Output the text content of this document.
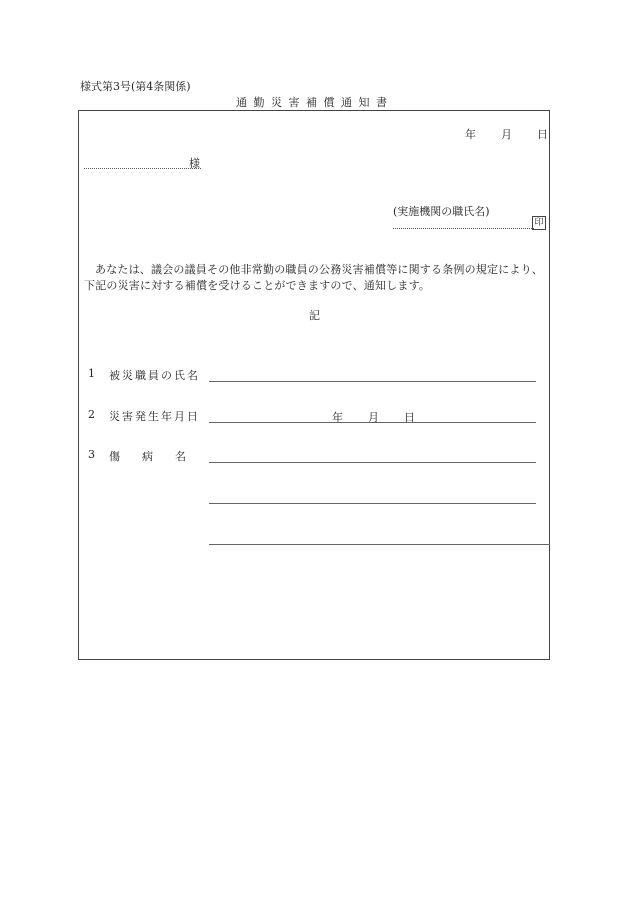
様式第3号(第4条関係)
通勤災害補償通知書
年 月 日
様
(実施機関の職氏名)
印
あなたは、議会の議員その他非常勤の職員の公務災害補償等に関する条例の規定により、下記の災害に対する補償を受けることができますので、通知します。
記
1 被災職員の氏名
2 災害発生年月日	年 月 日
3 傷　　病　　名
